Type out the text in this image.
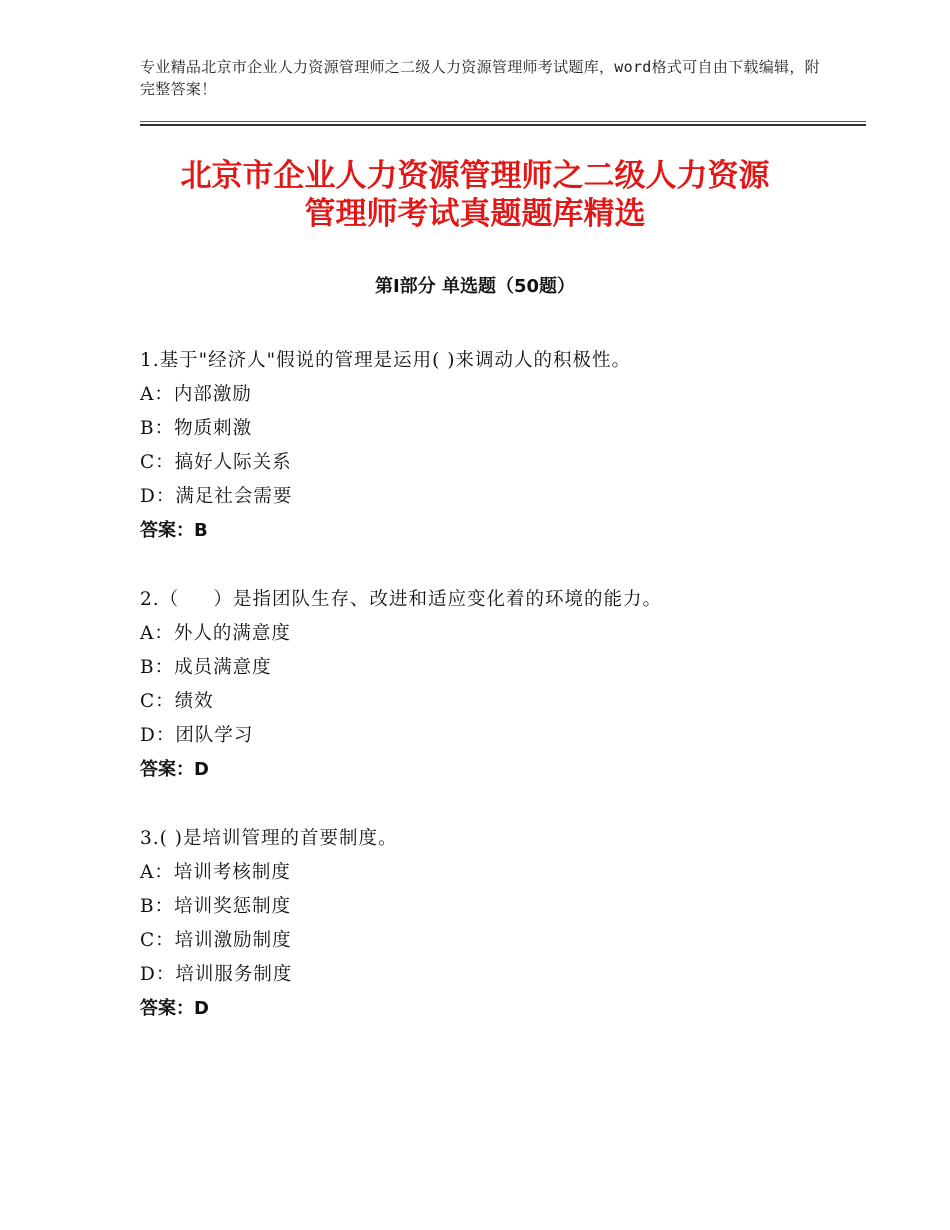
专业精品北京市企业人力资源管理师之二级人力资源管理师考试题库，word格式可自由下载编辑，附完整答案！
北京市企业人力资源管理师之二级人力资源
管理师考试真题题库精选
第Ⅰ部分 单选题（50题）
1.基于"经济人"假说的管理是运用( )来调动人的积极性。
A：内部激励
B：物质刺激
C：搞好人际关系
D：满足社会需要
答案：B
2.（     ）是指团队生存、改进和适应变化着的环境的能力。
A：外人的满意度
B：成员满意度
C：绩效
D：团队学习
答案：D
3.( )是培训管理的首要制度。
A：培训考核制度
B：培训奖惩制度
C：培训激励制度
D：培训服务制度
答案：D
